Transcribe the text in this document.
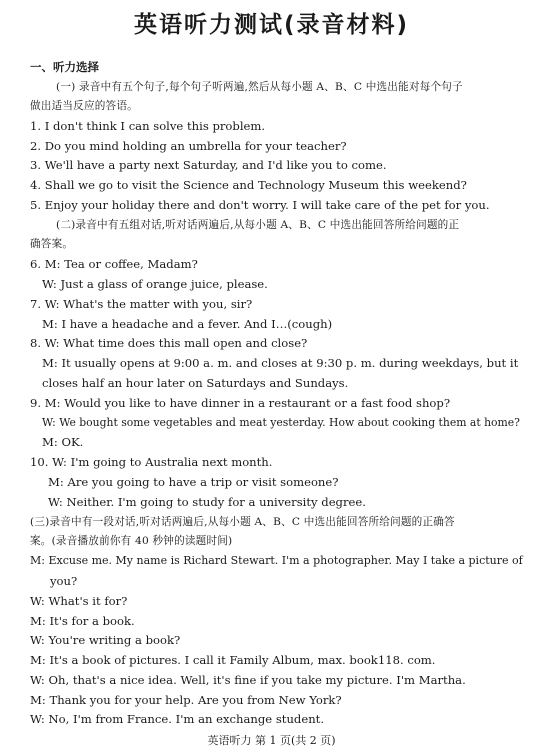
英语听力测试(录音材料)
一、听力选择
(一) 录音中有五个句子,每个句子听两遍,然后从每小题 A、B、C 中选出能对每个句子
做出适当反应的答语。
1. I don't think I can solve this problem.
2. Do you mind holding an umbrella for your teacher?
3. We'll have a party next Saturday, and I'd like you to come.
4. Shall we go to visit the Science and Technology Museum this weekend?
5. Enjoy your holiday there and don't worry. I will take care of the pet for you.
(二)录音中有五组对话,听对话两遍后,从每小题 A、B、C 中选出能回答所给问题的正
确答案。
6. M: Tea or coffee, Madam?
W: Just a glass of orange juice, please.
7. W: What's the matter with you, sir?
M: I have a headache and a fever. And I…(cough)
8. W: What time does this mall open and close?
M: It usually opens at 9:00 a. m. and closes at 9:30 p. m. during weekdays, but it
closes half an hour later on Saturdays and Sundays.
9. M: Would you like to have dinner in a restaurant or a fast food shop?
W: We bought some vegetables and meat yesterday. How about cooking them at home?
M: OK.
10. W: I'm going to Australia next month.
M: Are you going to have a trip or visit someone?
W: Neither. I'm going to study for a university degree.
(三)录音中有一段对话,听对话两遍后,从每小题 A、B、C 中选出能回答所给问题的正确答
案。(录音播放前你有 40 秒钟的读题时间)
M: Excuse me. My name is Richard Stewart. I'm a photographer. May I take a picture of
you?
W: What's it for?
M: It's for a book.
W: You're writing a book?
M: It's a book of pictures. I call it Family Album, max. book118. com.
W: Oh, that's a nice idea. Well, it's fine if you take my picture. I'm Martha.
M: Thank you for your help. Are you from New York?
W: No, I'm from France. I'm an exchange student.
英语听力 第 1 页(共 2 页)
